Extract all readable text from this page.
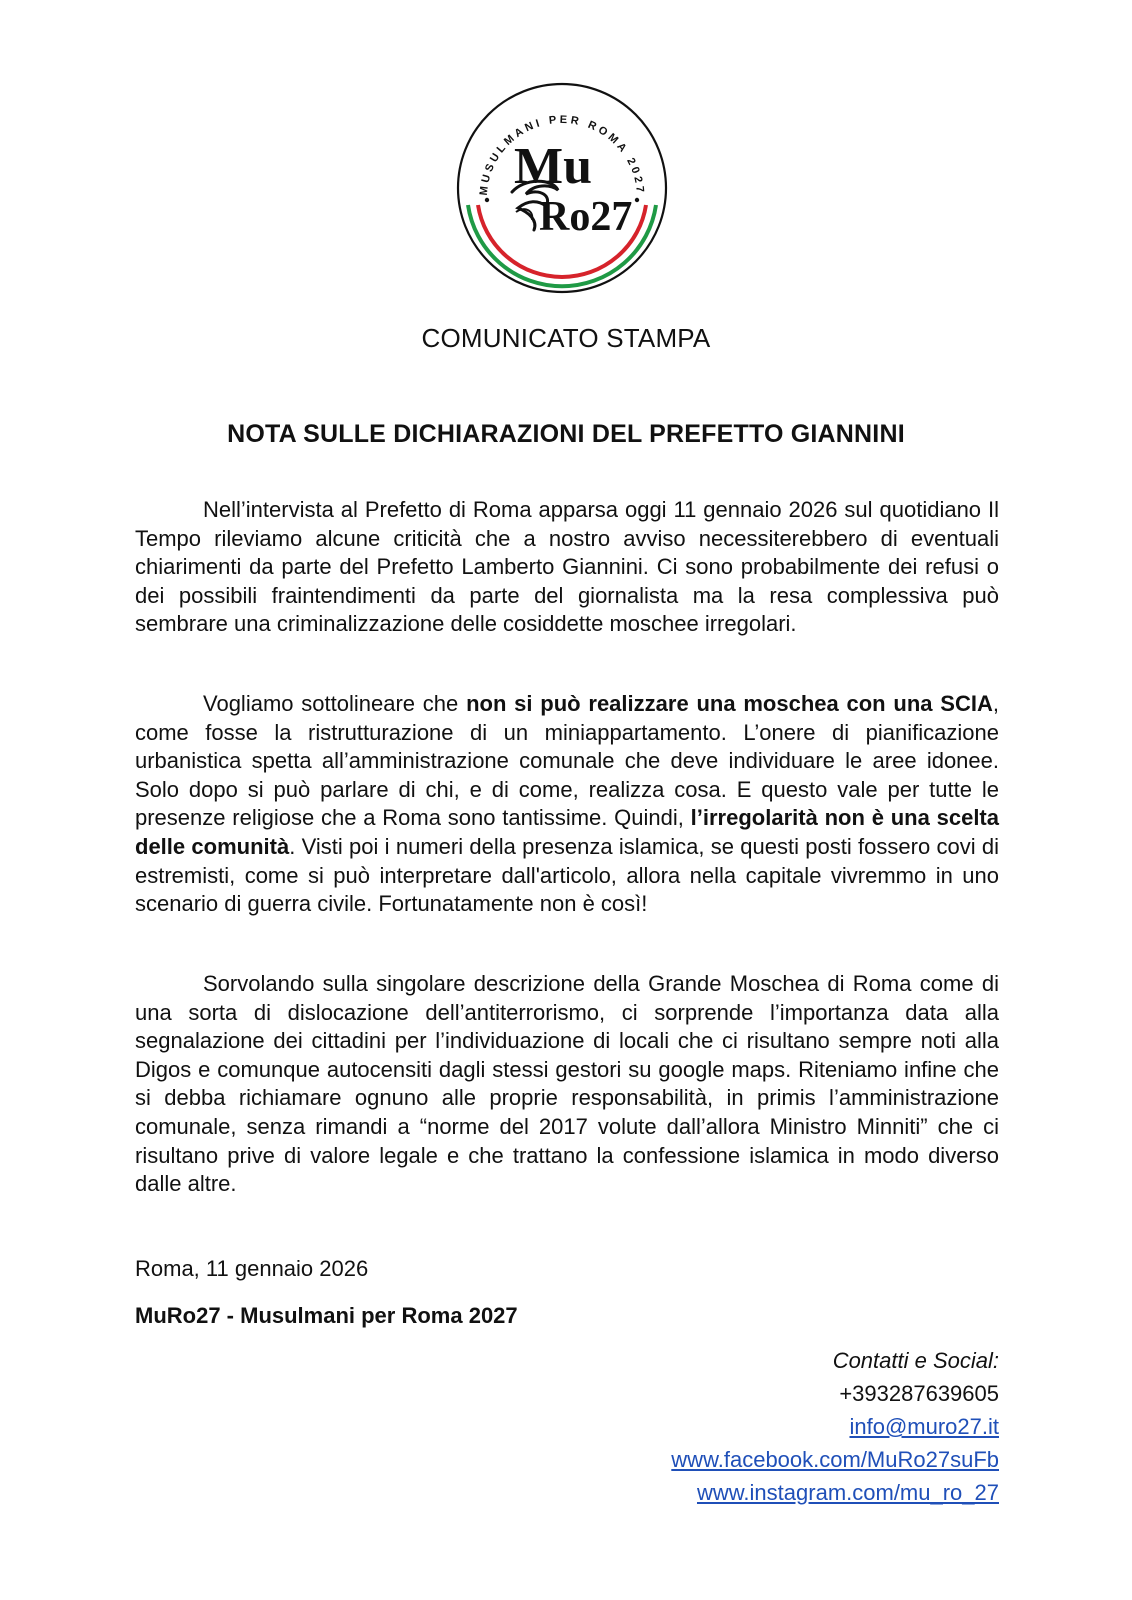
MUSULMANI PER ROMA 2027
Mu
Ro27
COMUNICATO STAMPA
NOTA SULLE DICHIARAZIONI DEL PREFETTO GIANNINI

Nell’intervista al Prefetto di Roma apparsa oggi 11 gennaio 2026 sul quotidiano Il Tempo rileviamo alcune criticità che a nostro avviso necessiterebbero di eventuali chiarimenti da parte del Prefetto Lamberto Giannini. Ci sono probabilmente dei refusi o dei possibili fraintendimenti da parte del giornalista ma la resa complessiva può sembrare una criminalizzazione delle cosiddette moschee irregolari.

Vogliamo sottolineare che non si può realizzare una moschea con una SCIA, come fosse la ristrutturazione di un miniappartamento. L’onere di pianificazione urbanistica spetta all’amministrazione comunale che deve individuare le aree idonee. Solo dopo si può parlare di chi, e di come, realizza cosa. E questo vale per tutte le presenze religiose che a Roma sono tantissime. Quindi, l’irregolarità non è una scelta delle comunità. Visti poi i numeri della presenza islamica, se questi posti fossero covi di estremisti, come si può interpretare dall'articolo, allora nella capitale vivremmo in uno scenario di guerra civile. Fortunatamente non è così!

Sorvolando sulla singolare descrizione della Grande Moschea di Roma come di una sorta di dislocazione dell’antiterrorismo, ci sorprende l’importanza data alla segnalazione dei cittadini per l’individuazione di locali che ci risultano sempre noti alla Digos e comunque autocensiti dagli stessi gestori su google maps. Riteniamo infine che si debba richiamare ognuno alle proprie responsabilità, in primis l’amministrazione comunale, senza rimandi a “norme del 2017 volute dall’allora Ministro Minniti” che ci risultano prive di valore legale e che trattano la confessione islamica in modo diverso dalle altre.

Roma, 11 gennaio 2026
MuRo27 - Musulmani per Roma 2027
Contatti e Social:
+393287639605
info@muro27.it
www.facebook.com/MuRo27suFb
www.instagram.com/mu_ro_27
